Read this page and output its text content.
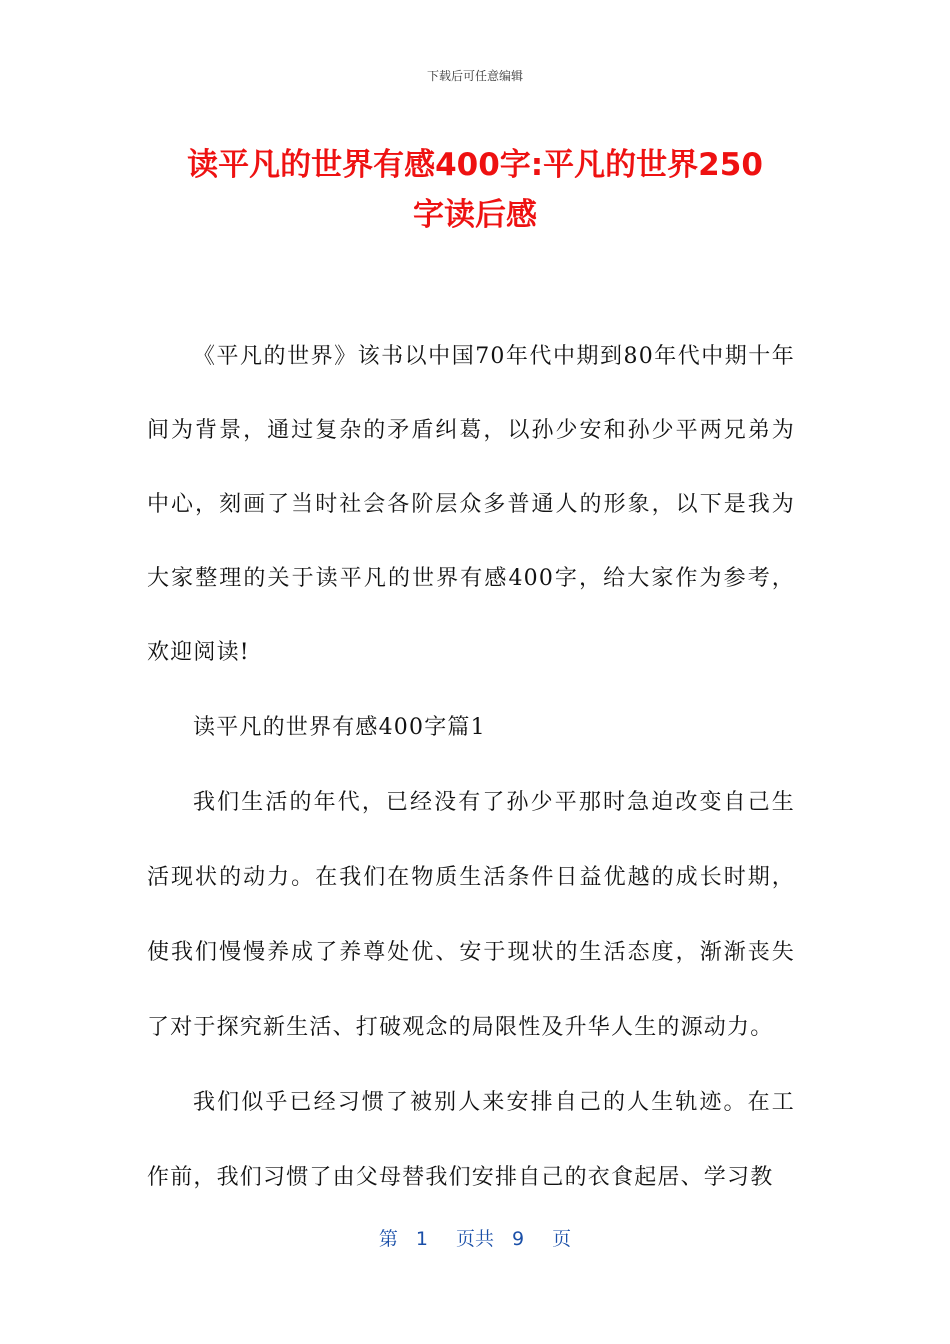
下载后可任意编辑
读平凡的世界有感400字:平凡的世界250
字读后感

《平凡的世界》该书以中国70年代中期到80年代中期十年间为背景，通过复杂的矛盾纠葛，以孙少安和孙少平两兄弟为中心，刻画了当时社会各阶层众多普通人的形象，以下是我为大家整理的关于读平凡的世界有感400字，给大家作为参考，欢迎阅读!

读平凡的世界有感400字篇1

我们生活的年代，已经没有了孙少平那时急迫改变自己生活现状的动力。在我们在物质生活条件日益优越的成长时期，使我们慢慢养成了养尊处优、安于现状的生活态度，渐渐丧失了对于探究新生活、打破观念的局限性及升华人生的源动力。

我们似乎已经习惯了被别人来安排自己的人生轨迹。在工作前，我们习惯了由父母替我们安排自己的衣食起居、学习教

第 1 页共 9 页
